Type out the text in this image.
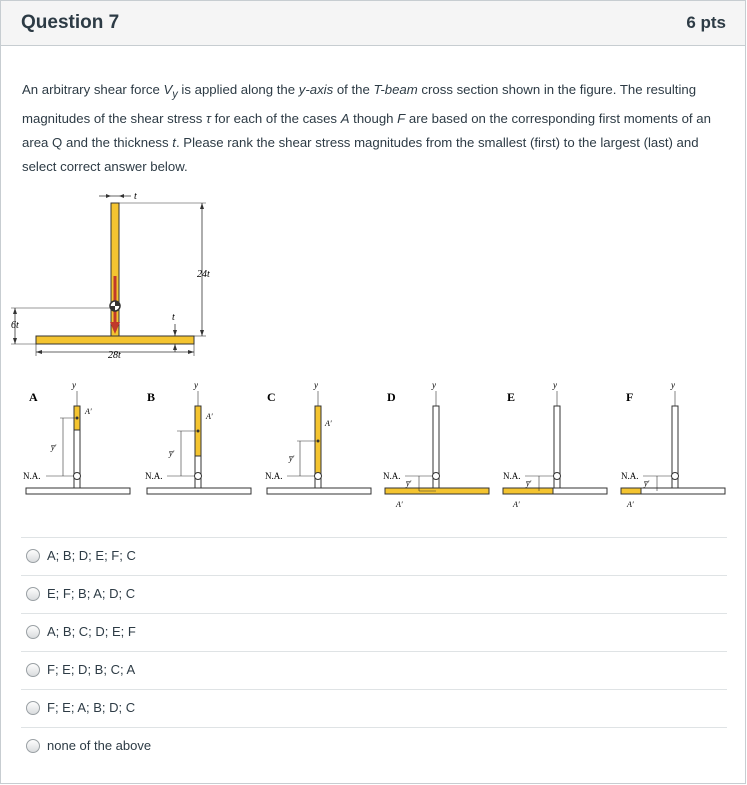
Question 7	6 pts
An arbitrary shear force $V_y$ is applied along the y-axis of the T-beam cross section shown in the figure. The resulting magnitudes of the shear stress τ for each of the cases A though F are based on the corresponding first moments of an area Q and the thickness t. Please rank the shear stress magnitudes from the smallest (first) to the largest (last) and select correct answer below.
t
24t
6t
28t
t
A
y
A′
y̅′
N.A.
B
y
A′
y̅′
N.A.
C
y
A′
y̅′
N.A.
D
y
A′
y̅′
N.A.
E
y
A′
y̅′
N.A.
F
y
A′
y̅′
N.A.
A; B; D; E; F; C
E; F; B; A; D; C
A; B; C; D; E; F
F; E; D; B; C; A
F; E; A; B; D; C
none of the above
